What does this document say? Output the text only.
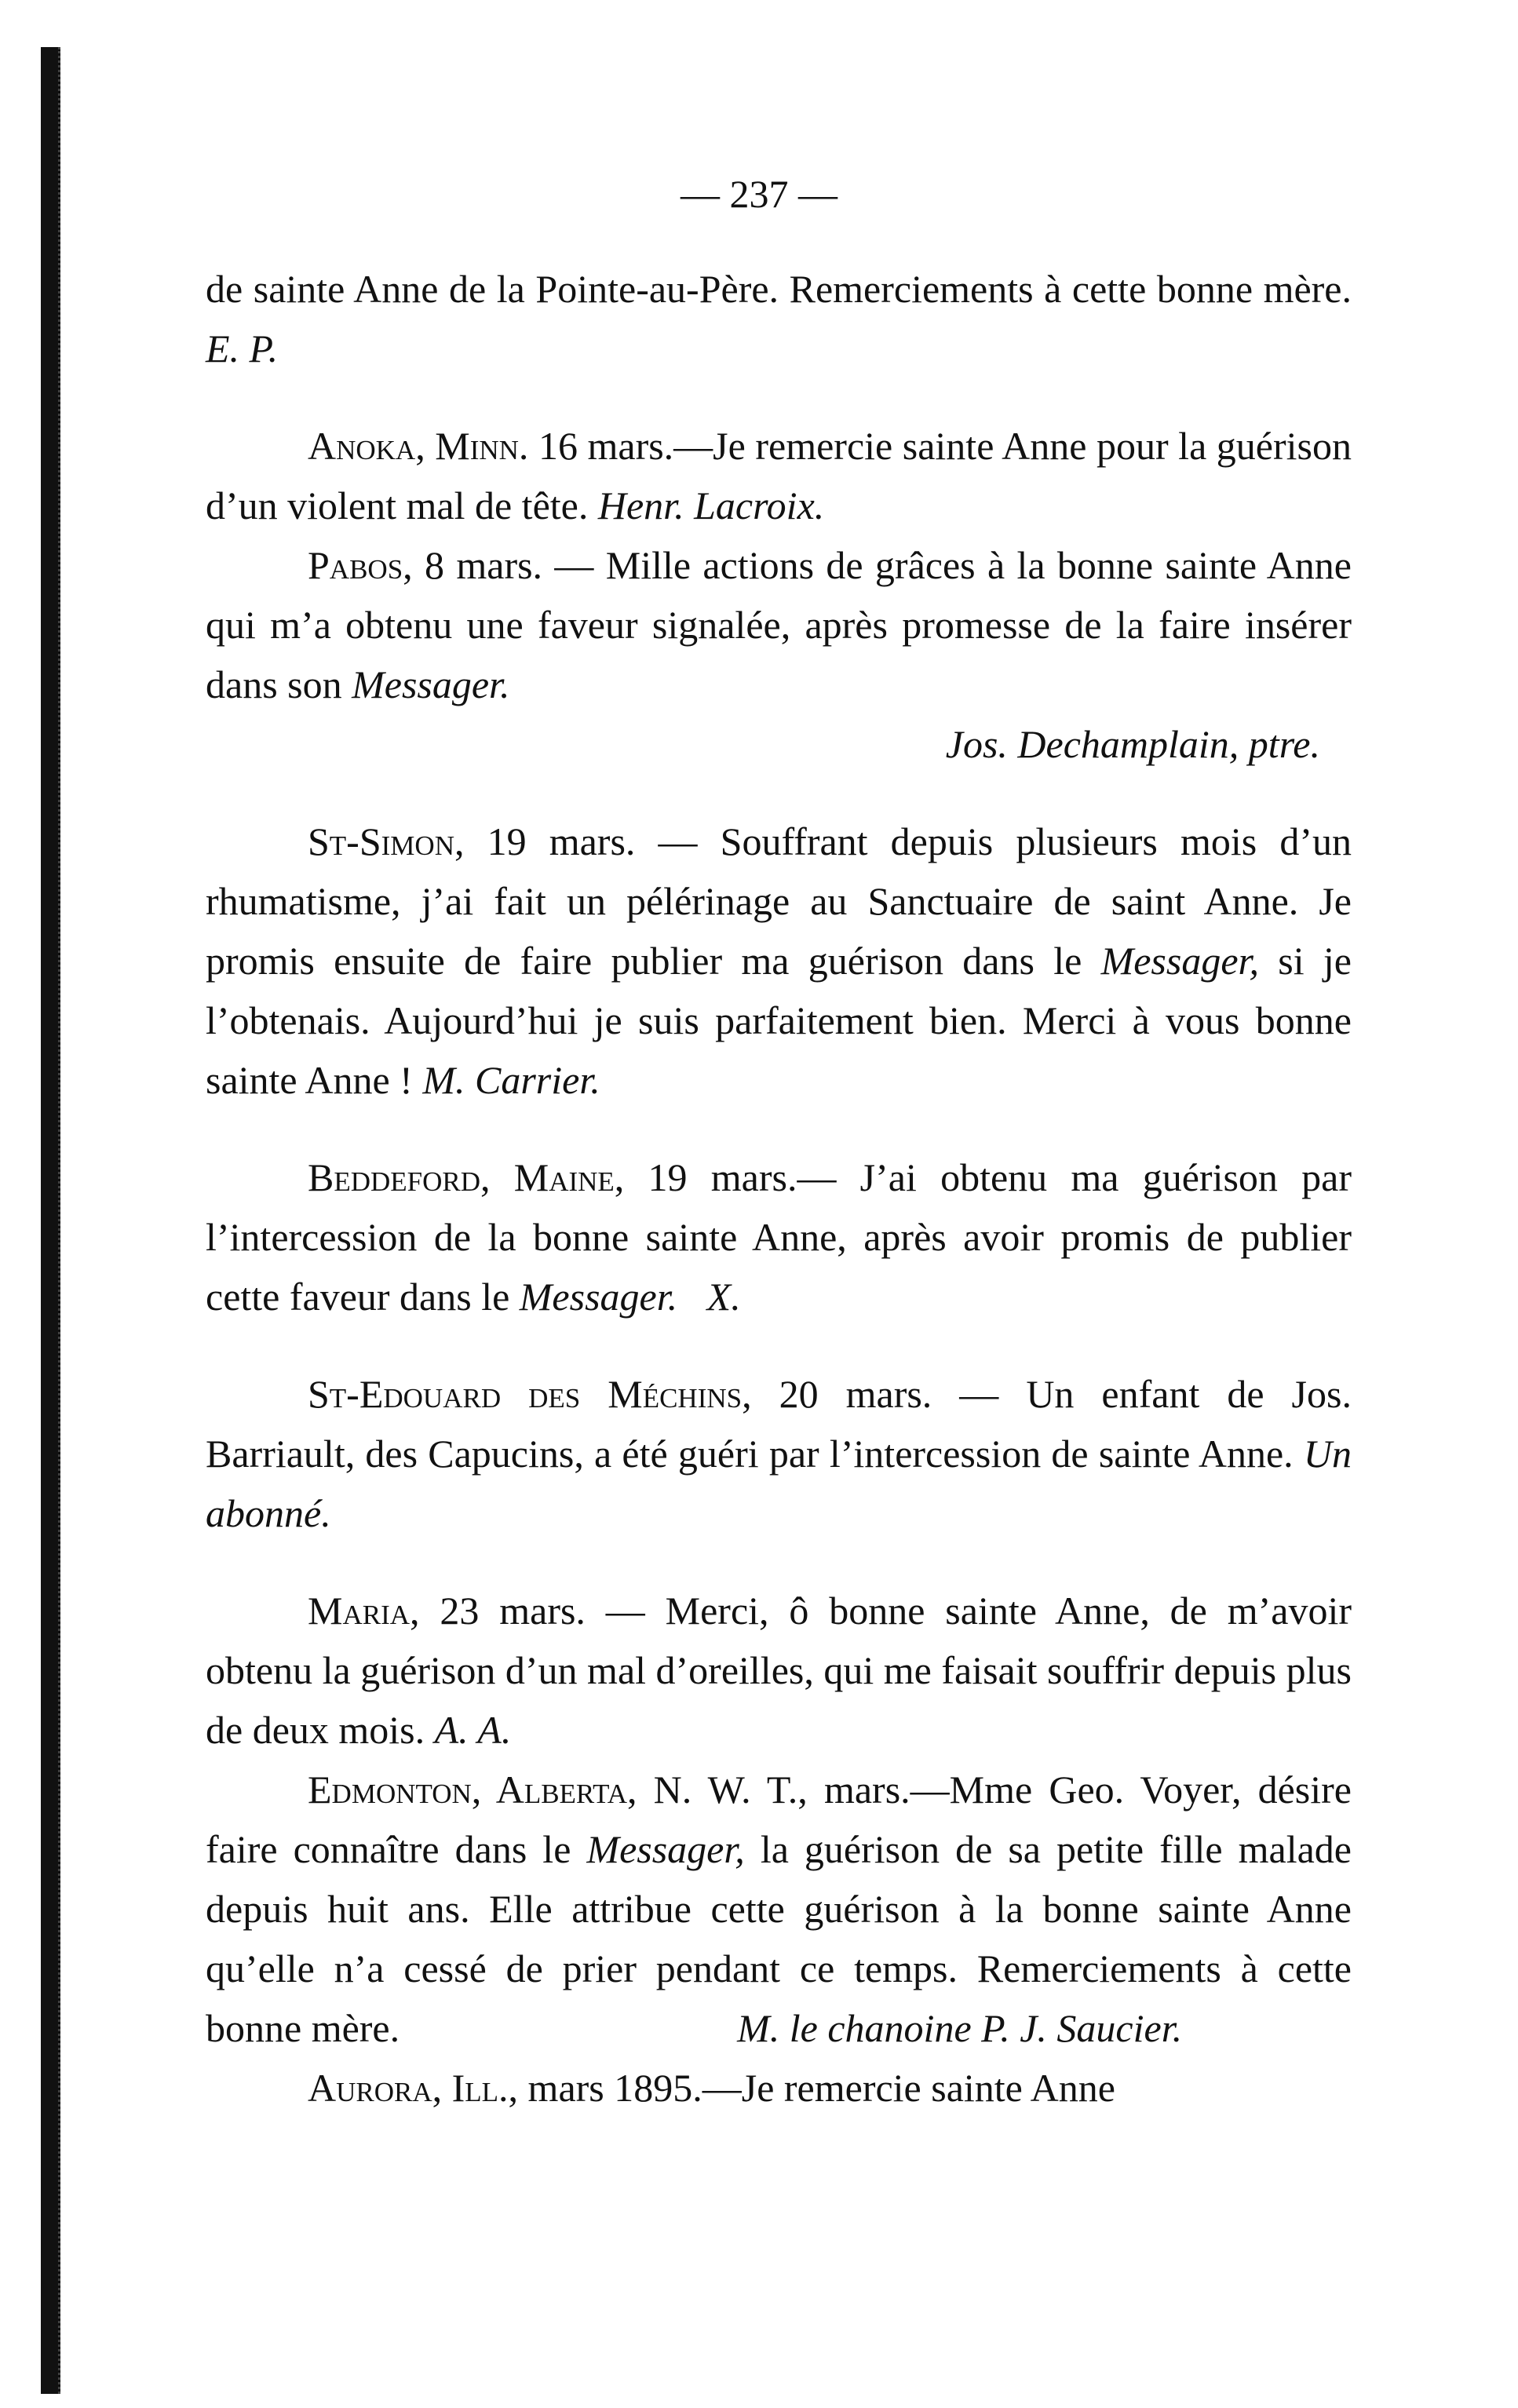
— 237 —

de sainte Anne de la Pointe-au-Père. Remerciements à cette bonne mère. E. P.

Anoka, Minn. 16 mars.—Je remercie sainte Anne pour la guérison d’un violent mal de tête. Henr. Lacroix.

Pabos, 8 mars. — Mille actions de grâces à la bonne sainte Anne qui m’a obtenu une faveur signalée, après promesse de la faire insérer dans son Messager.
Jos. Dechamplain, ptre.

St-Simon, 19 mars. — Souffrant depuis plusieurs mois d’un rhumatisme, j’ai fait un pélérinage au Sanctuaire de saint Anne. Je promis ensuite de faire publier ma guérison dans le Messager, si je l’obtenais. Aujourd’hui je suis parfaitement bien. Merci à vous bonne sainte Anne ! M. Carrier.

Beddeford, Maine, 19 mars.— J’ai obtenu ma guérison par l’intercession de la bonne sainte Anne, après avoir promis de publier cette faveur dans le Messager. X.

St-Edouard des Méchins, 20 mars. — Un enfant de Jos. Barriault, des Capucins, a été guéri par l’intercession de sainte Anne. Un abonné.

Maria, 23 mars. — Merci, ô bonne sainte Anne, de m’avoir obtenu la guérison d’un mal d’oreilles, qui me faisait souffrir depuis plus de deux mois. A. A.

Edmonton, Alberta, N. W. T., mars.—Mme Geo. Voyer, désire faire connaître dans le Messager, la guérison de sa petite fille malade depuis huit ans. Elle attribue cette guérison à la bonne sainte Anne qu’elle n’a cessé de prier pendant ce temps. Remerciements à cette bonne mère.	M. le chanoine P. J. Saucier.

Aurora, Ill., mars 1895.—Je remercie sainte Anne
